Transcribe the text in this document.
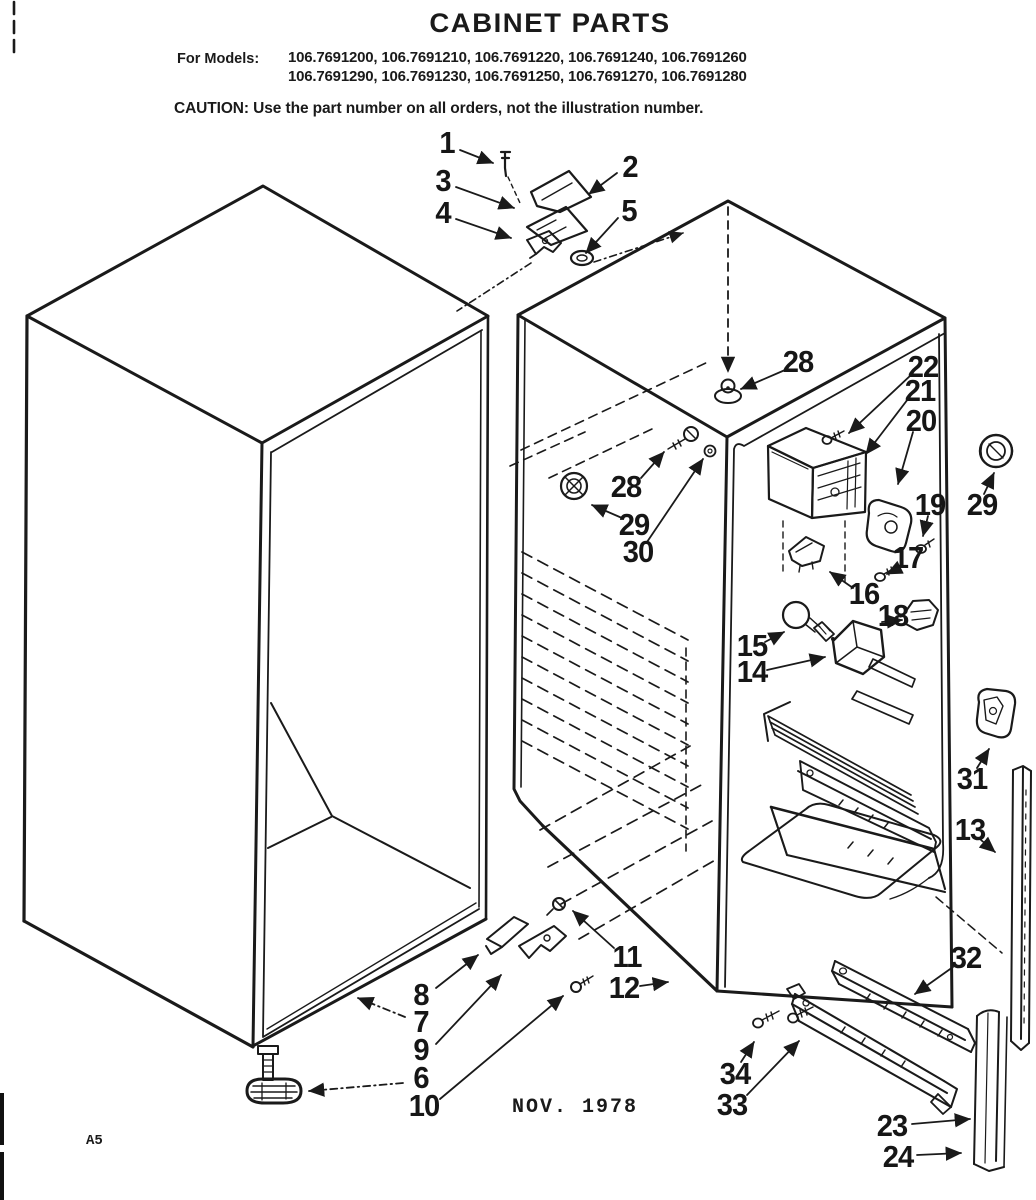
CABINET PARTS
For Models: 106.7691200, 106.7691210, 106.7691220, 106.7691240, 106.7691260
106.7691290, 106.7691230, 106.7691250, 106.7691270, 106.7691280
CAUTION: Use the part number on all orders, not the illustration number.
NOV. 1978
A5
1
2
3
4	5
28	22
21
20
19 29
17
16
18
28
29
30
15
14
31
13
11
12
8
7
9
6
10
32
34
33
23
24
